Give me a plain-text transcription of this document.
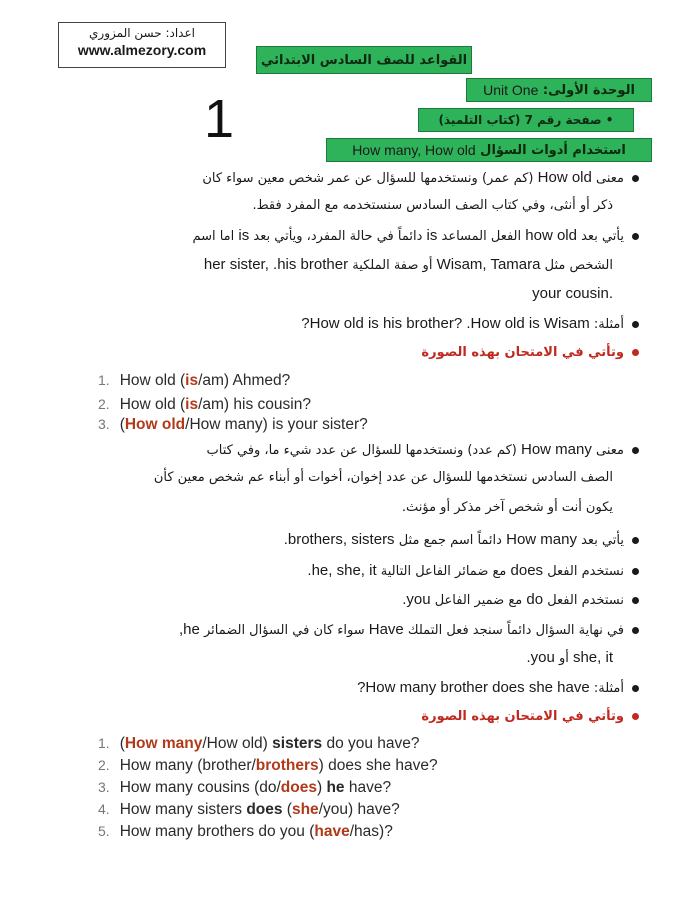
اعداد: حسن المزوري
www.almezory.com
القواعد للصف السادس الابتدائي
الوحدة الأولى:

Unit One
• صفحة رقم 7 (كتاب التلميذ)
استخدام أدوات السؤال

How many, How old
1
معنى How old (كم عمر) ونستخدمها للسؤال عن عمر شخص معين سواء كان
ذكر أو أنثى، وفي كتاب الصف السادس سنستخدمه مع المفرد فقط.
يأتي بعد how old الفعل المساعد is دائماً في حالة المفرد، ويأتي بعد is اما اسم
الشخص مثل Wisam, Tamara أو صفة الملكية her sister, .his brother
.your cousin
أمثلة: How old is his brother? .How old is Wisam?
وتأتي في الامتحان بهذه الصورة
1. How old (is/am) Ahmed?
2. How old (is/am) his cousin?
3. (How old/How many) is your sister?
معنى How many (كم عدد) ونستخدمها للسؤال عن عدد شيء ما، وفي كتاب
الصف السادس نستخدمها للسؤال عن عدد إخوان، أخوات أو أبناء عم شخص معين كأن
يكون أنت أو شخص آخر مذكر أو مؤنث.
يأتي بعد How many دائماً اسم جمع مثل brothers, sisters.
نستخدم الفعل does مع ضمائر الفاعل التالية he, she, it.
نستخدم الفعل do مع ضمير الفاعل you.
في نهاية السؤال دائماً سنجد فعل التملك Have سواء كان في السؤال الضمائر he,
she, it أو you.
أمثلة: How many brother does she have?
وتأتي في الامتحان بهذه الصورة
1. (How many/How old) sisters do you have?
2. How many (brother/brothers) does she have?
3. How many cousins (do/does) he have?
4. How many sisters does (she/you) have?
5. How many brothers do you (have/has)?
